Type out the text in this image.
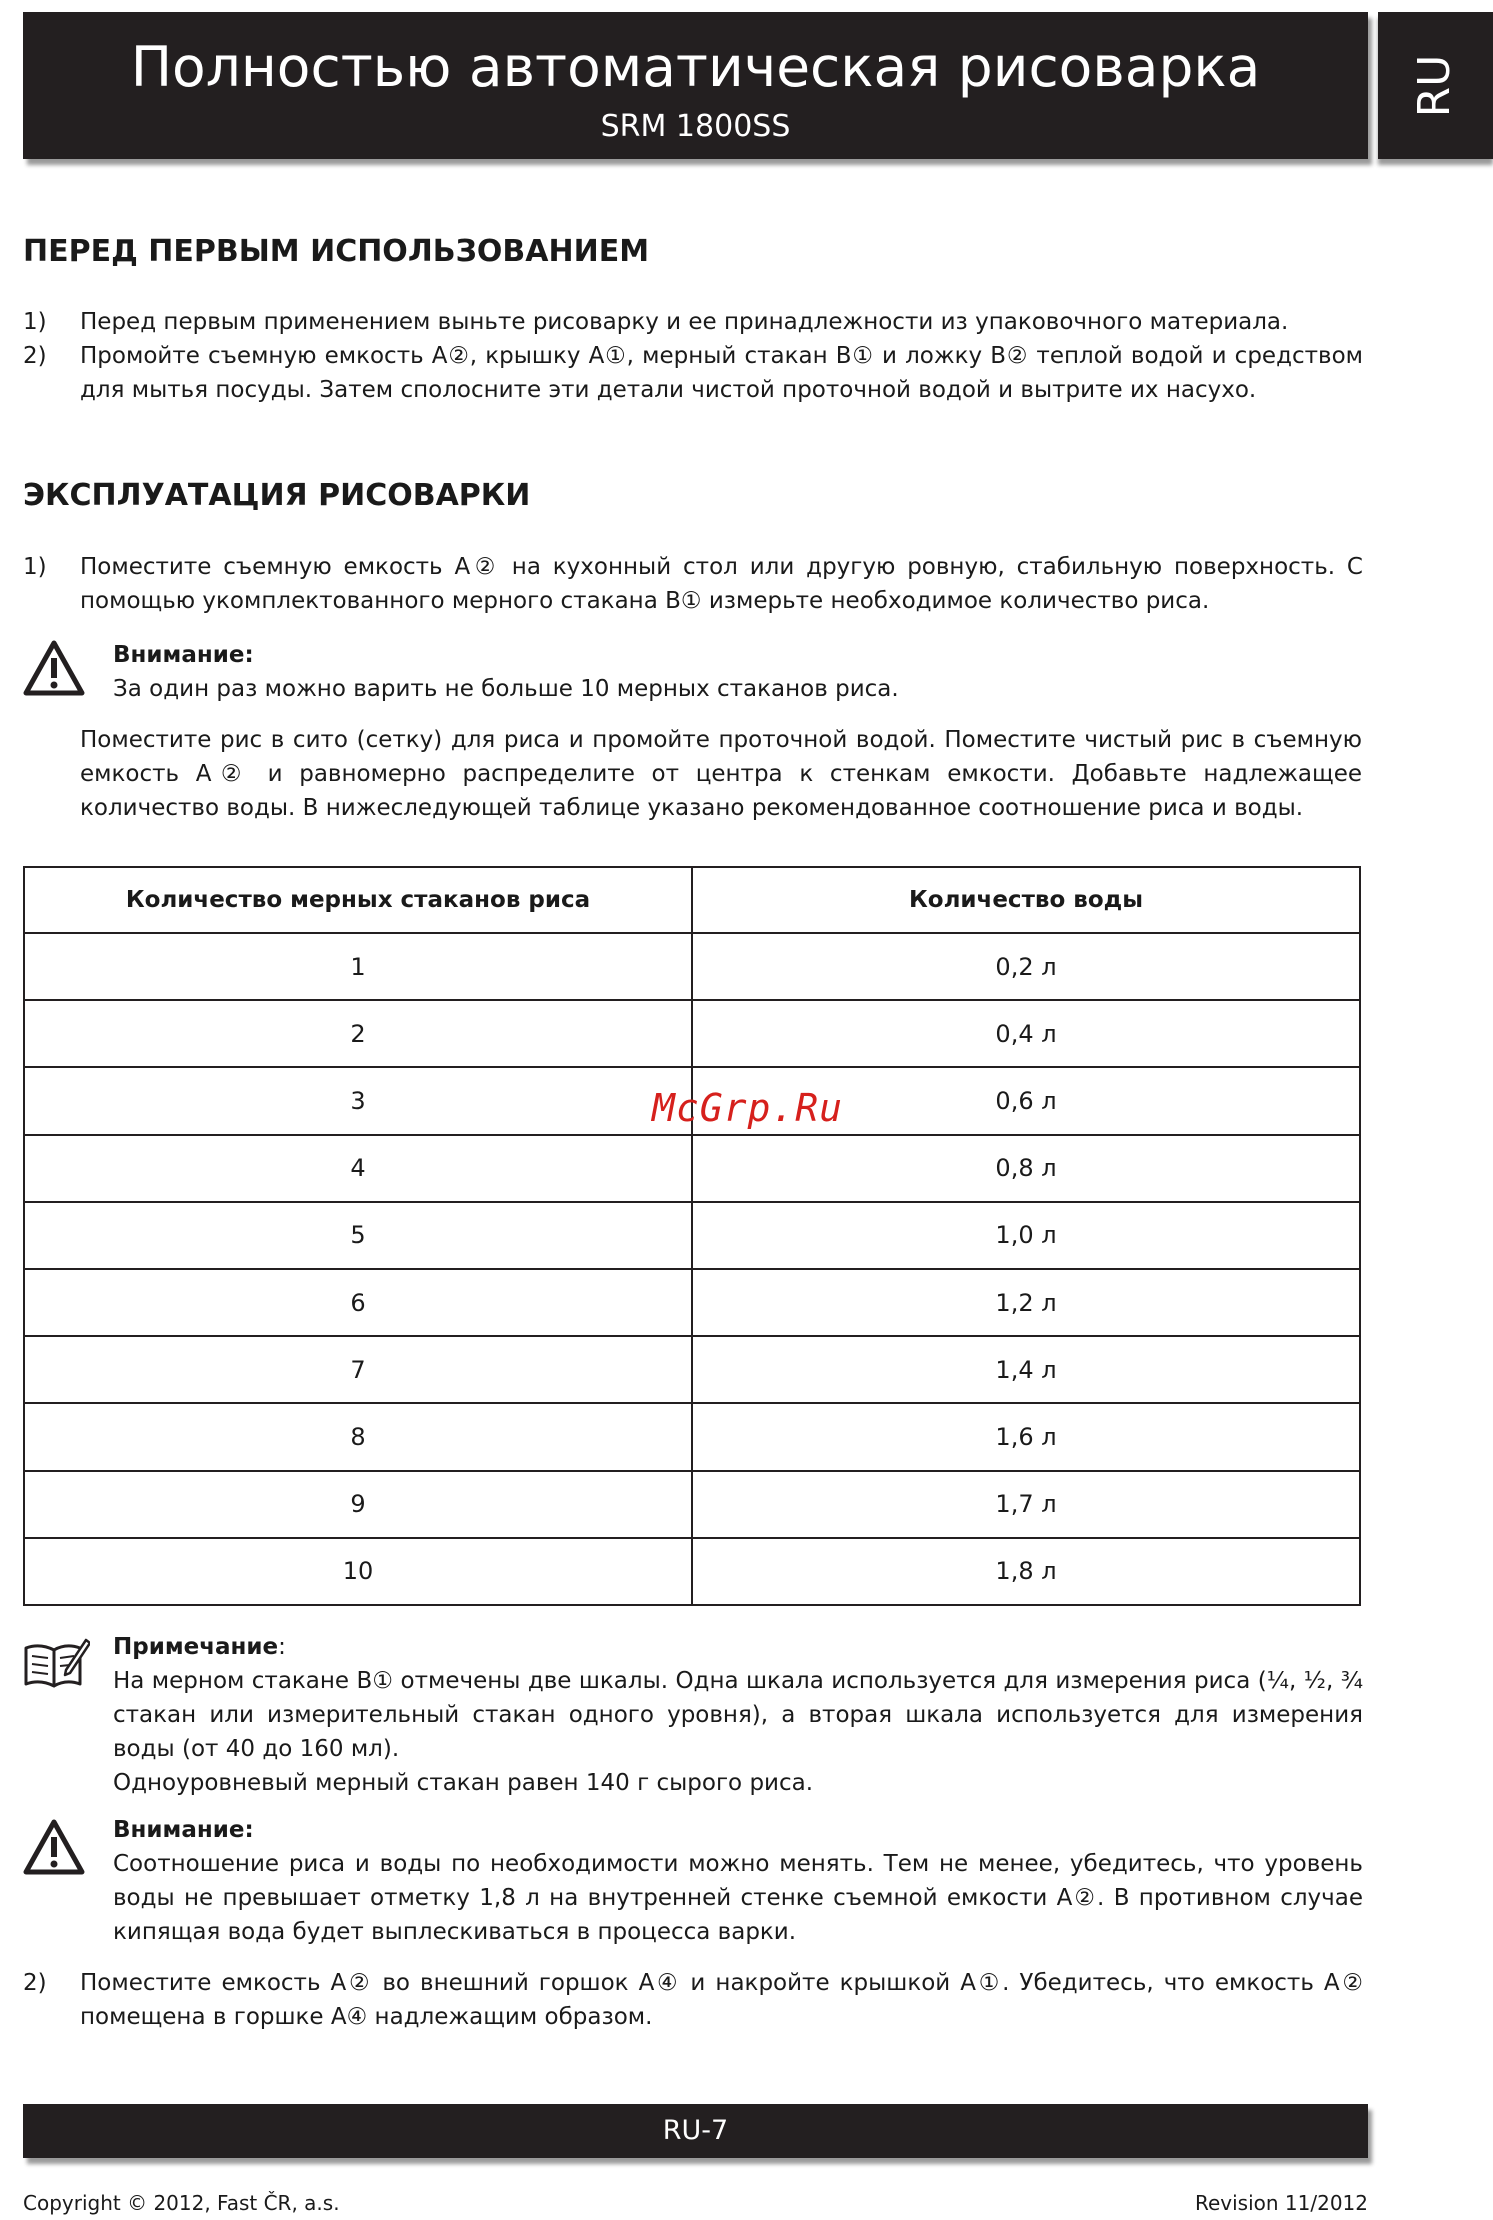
Полностью автоматическая рисоварка
SRM 1800SS
RU
ПЕРЕД ПЕРВЫМ ИСПОЛЬЗОВАНИЕМ
1) Перед первым применением выньте рисоварку и ее принадлежности из упаковочного материала.
2) Промойте съемную емкость A②, крышку A①, мерный стакан B① и ложку B② теплой водой и средством для мытья посуды. Затем сполосните эти детали чистой проточной водой и вытрите их насухо.
ЭКСПЛУАТАЦИЯ РИСОВАРКИ
1) Поместите съемную емкость A② на кухонный стол или другую ровную, стабильную поверхность. С помощью укомплектованного мерного стакана B① измерьте необходимое количество риса.
Внимание:
За один раз можно варить не больше 10 мерных стаканов риса.
Поместите рис в сито (сетку) для риса и промойте проточной водой. Поместите чистый рис в съемную емкость A② и равномерно распределите от центра к стенкам емкости. Добавьте надлежащее количество воды. В нижеследующей таблице указано рекомендованное соотношение риса и воды.
Количество мерных стаканов риса	Количество воды
1	0,2 л
2	0,4 л
3	0,6 л
4	0,8 л
5	1,0 л
6	1,2 л
7	1,4 л
8	1,6 л
9	1,7 л
10	1,8 л
McGrp.Ru
Примечание:
На мерном стакане B① отмечены две шкалы. Одна шкала используется для измерения риса (¼, ½, ¾ стакан или измерительный стакан одного уровня), а вторая шкала используется для измерения воды (от 40 до 160 мл).
Одноуровневый мерный стакан равен 140 г сырого риса.
Внимание:
Соотношение риса и воды по необходимости можно менять. Тем не менее, убедитесь, что уровень воды не превышает отметку 1,8 л на внутренней стенке съемной емкости A②. В противном случае кипящая вода будет выплескиваться в процесса варки.
2) Поместите емкость A② во внешний горшок A④ и накройте крышкой A①. Убедитесь, что емкость A② помещена в горшке A④ надлежащим образом.
RU-7
Copyright © 2012, Fast ČR, a.s.	Revision 11/2012
